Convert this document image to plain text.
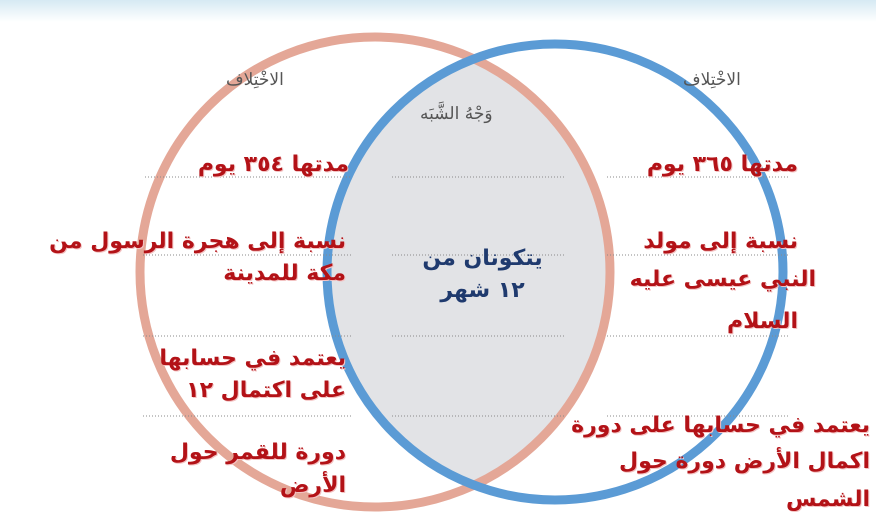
الاخْتِلاف
وَجْهُ الشَّبَه
الاخْتِلاف
مدتها ٣٥٤ يوم
نسبة إلى هجرة الرسول من
مكة للمدينة
يعتمد في حسابها
على اكتمال ١٢
دورة للقمر حول
الأرض
يتكونان من
١٢ شهر
مدتها ٣٦٥ يوم
نسبة إلى مولد
النبي عيسى عليه
السلام
يعتمد في حسابها على دورة
اكمال الأرض دورة حول
الشمس
